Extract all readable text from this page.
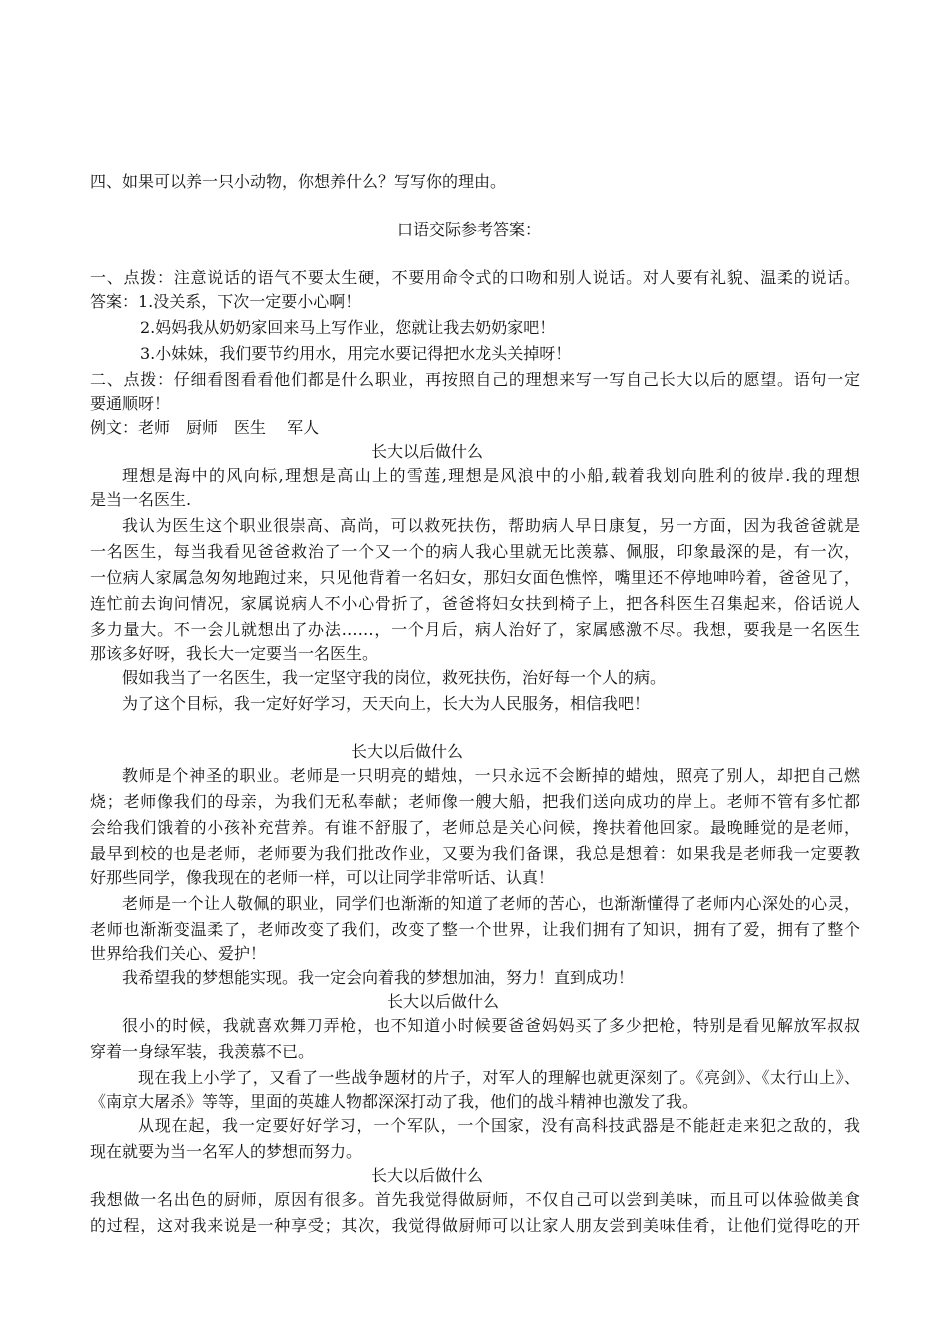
四、如果可以养一只小动物，你想养什么？写写你的理由。
口语交际参考答案：
一、点拨：注意说话的语气不要太生硬，不要用命令式的口吻和别人说话。对人要有礼貌、温柔的说话。
答案：1.没关系，下次一定要小心啊！
2.妈妈我从奶奶家回来马上写作业，您就让我去奶奶家吧！
3.小妹妹，我们要节约用水，用完水要记得把水龙头关掉呀！
二、点拨：仔细看图看看他们都是什么职业，再按照自己的理想来写一写自己长大以后的愿望。语句一定
要通顺呀！
例文：老师　厨师　医生　 军人
长大以后做什么
理想是海中的风向标,理想是高山上的雪莲,理想是风浪中的小船,载着我划向胜利的彼岸.我的理想
是当一名医生.
我认为医生这个职业很崇高、高尚，可以救死扶伤，帮助病人早日康复，另一方面，因为我爸爸就是
一名医生，每当我看见爸爸救治了一个又一个的病人我心里就无比羡慕、佩服，印象最深的是，有一次，
一位病人家属急匆匆地跑过来，只见他背着一名妇女，那妇女面色憔悴，嘴里还不停地呻吟着，爸爸见了，
连忙前去询问情况，家属说病人不小心骨折了，爸爸将妇女扶到椅子上，把各科医生召集起来，俗话说人
多力量大。不一会儿就想出了办法……，一个月后，病人治好了，家属感激不尽。我想，要我是一名医生
那该多好呀，我长大一定要当一名医生。
假如我当了一名医生，我一定坚守我的岗位，救死扶伤，治好每一个人的病。
为了这个目标，我一定好好学习，天天向上，长大为人民服务，相信我吧！
长大以后做什么
教师是个神圣的职业。老师是一只明亮的蜡烛，一只永远不会断掉的蜡烛，照亮了别人，却把自己燃
烧；老师像我们的母亲，为我们无私奉献；老师像一艘大船，把我们送向成功的岸上。老师不管有多忙都
会给我们饿着的小孩补充营养。有谁不舒服了，老师总是关心问候，搀扶着他回家。最晚睡觉的是老师，
最早到校的也是老师，老师要为我们批改作业，又要为我们备课，我总是想着：如果我是老师我一定要教
好那些同学，像我现在的老师一样，可以让同学非常听话、认真！
老师是一个让人敬佩的职业，同学们也渐渐的知道了老师的苦心，也渐渐懂得了老师内心深处的心灵，
老师也渐渐变温柔了，老师改变了我们，改变了整一个世界，让我们拥有了知识，拥有了爱，拥有了整个
世界给我们关心、爱护！
我希望我的梦想能实现。我一定会向着我的梦想加油，努力！直到成功！
长大以后做什么
很小的时候，我就喜欢舞刀弄枪，也不知道小时候要爸爸妈妈买了多少把枪，特别是看见解放军叔叔
穿着一身绿军装，我羡慕不已。
现在我上小学了，又看了一些战争题材的片子，对军人的理解也就更深刻了。《亮剑》、《太行山上》、
《南京大屠杀》等等，里面的英雄人物都深深打动了我，他们的战斗精神也激发了我。
从现在起，我一定要好好学习，一个军队，一个国家，没有高科技武器是不能赶走来犯之敌的，我
现在就要为当一名军人的梦想而努力。
长大以后做什么
我想做一名出色的厨师，原因有很多。首先我觉得做厨师，不仅自己可以尝到美味，而且可以体验做美食
的过程，这对我来说是一种享受；其次，我觉得做厨师可以让家人朋友尝到美味佳肴，让他们觉得吃的开
